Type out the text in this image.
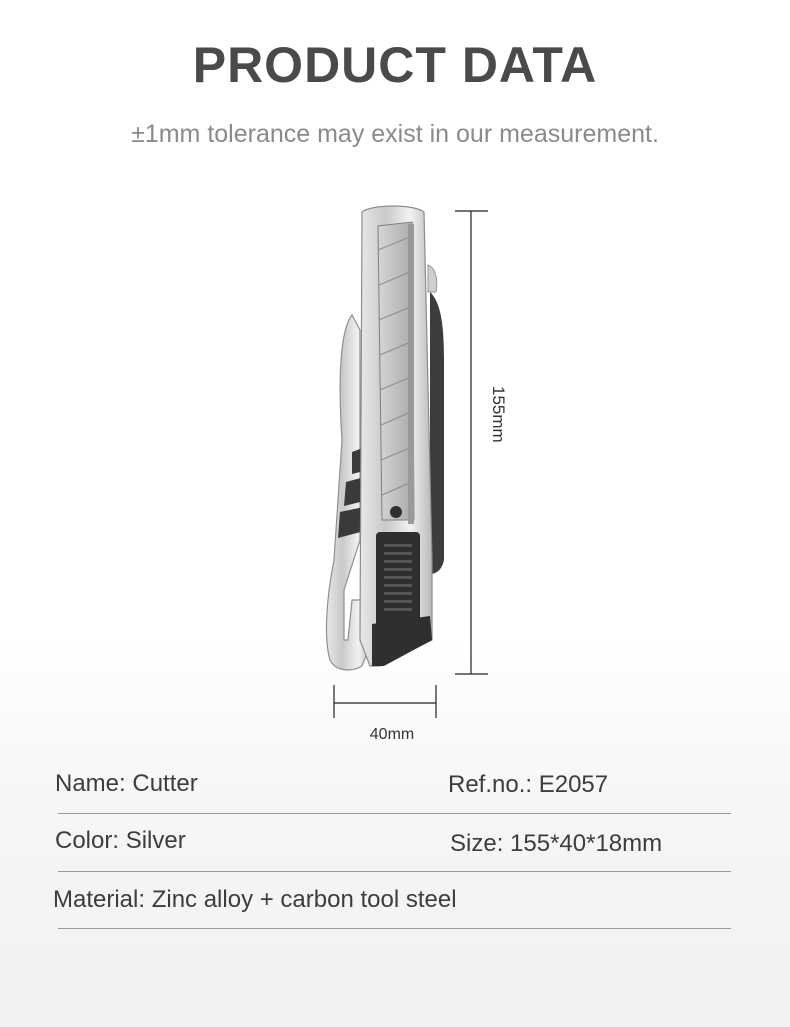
PRODUCT DATA
±1mm tolerance may exist in our measurement.
155mm
40mm
Name: Cutter	Ref.no.: E2057
Color: Silver	Size: 155*40*18mm
Material: Zinc alloy + carbon tool steel
